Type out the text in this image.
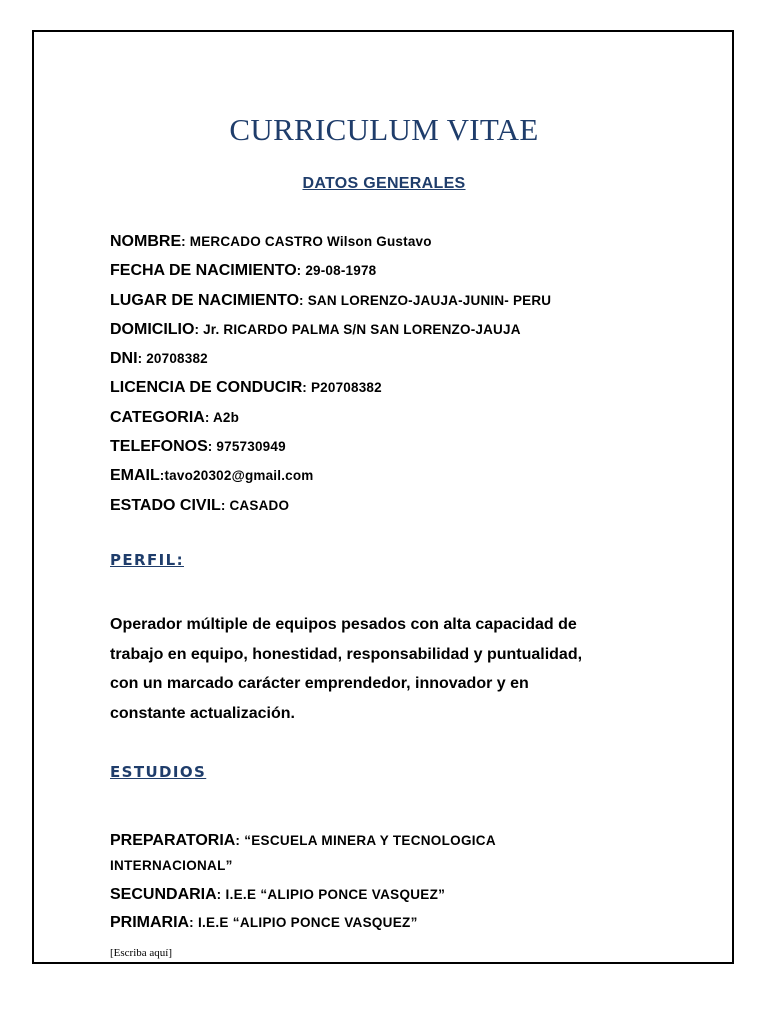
CURRICULUM VITAE
DATOS GENERALES
NOMBRE: MERCADO CASTRO Wilson Gustavo
FECHA DE NACIMIENTO: 29-08-1978
LUGAR DE NACIMIENTO: SAN LORENZO-JAUJA-JUNIN- PERU
DOMICILIO: Jr. RICARDO PALMA S/N SAN LORENZO-JAUJA
DNI: 20708382
LICENCIA DE CONDUCIR: P20708382
CATEGORIA: A2b
TELEFONOS: 975730949
EMAIL:tavo20302@gmail.com
ESTADO CIVIL: CASADO
PERFIL:
Operador múltiple de equipos pesados con alta capacidad de
trabajo en equipo, honestidad, responsabilidad y puntualidad,
con un marcado carácter emprendedor, innovador y en
constante actualización.
ESTUDIOS
PREPARATORIA: “ESCUELA MINERA Y TECNOLOGICA
INTERNACIONAL”
SECUNDARIA: I.E.E “ALIPIO PONCE VASQUEZ”
PRIMARIA: I.E.E “ALIPIO PONCE VASQUEZ”
[Escriba aquí]
